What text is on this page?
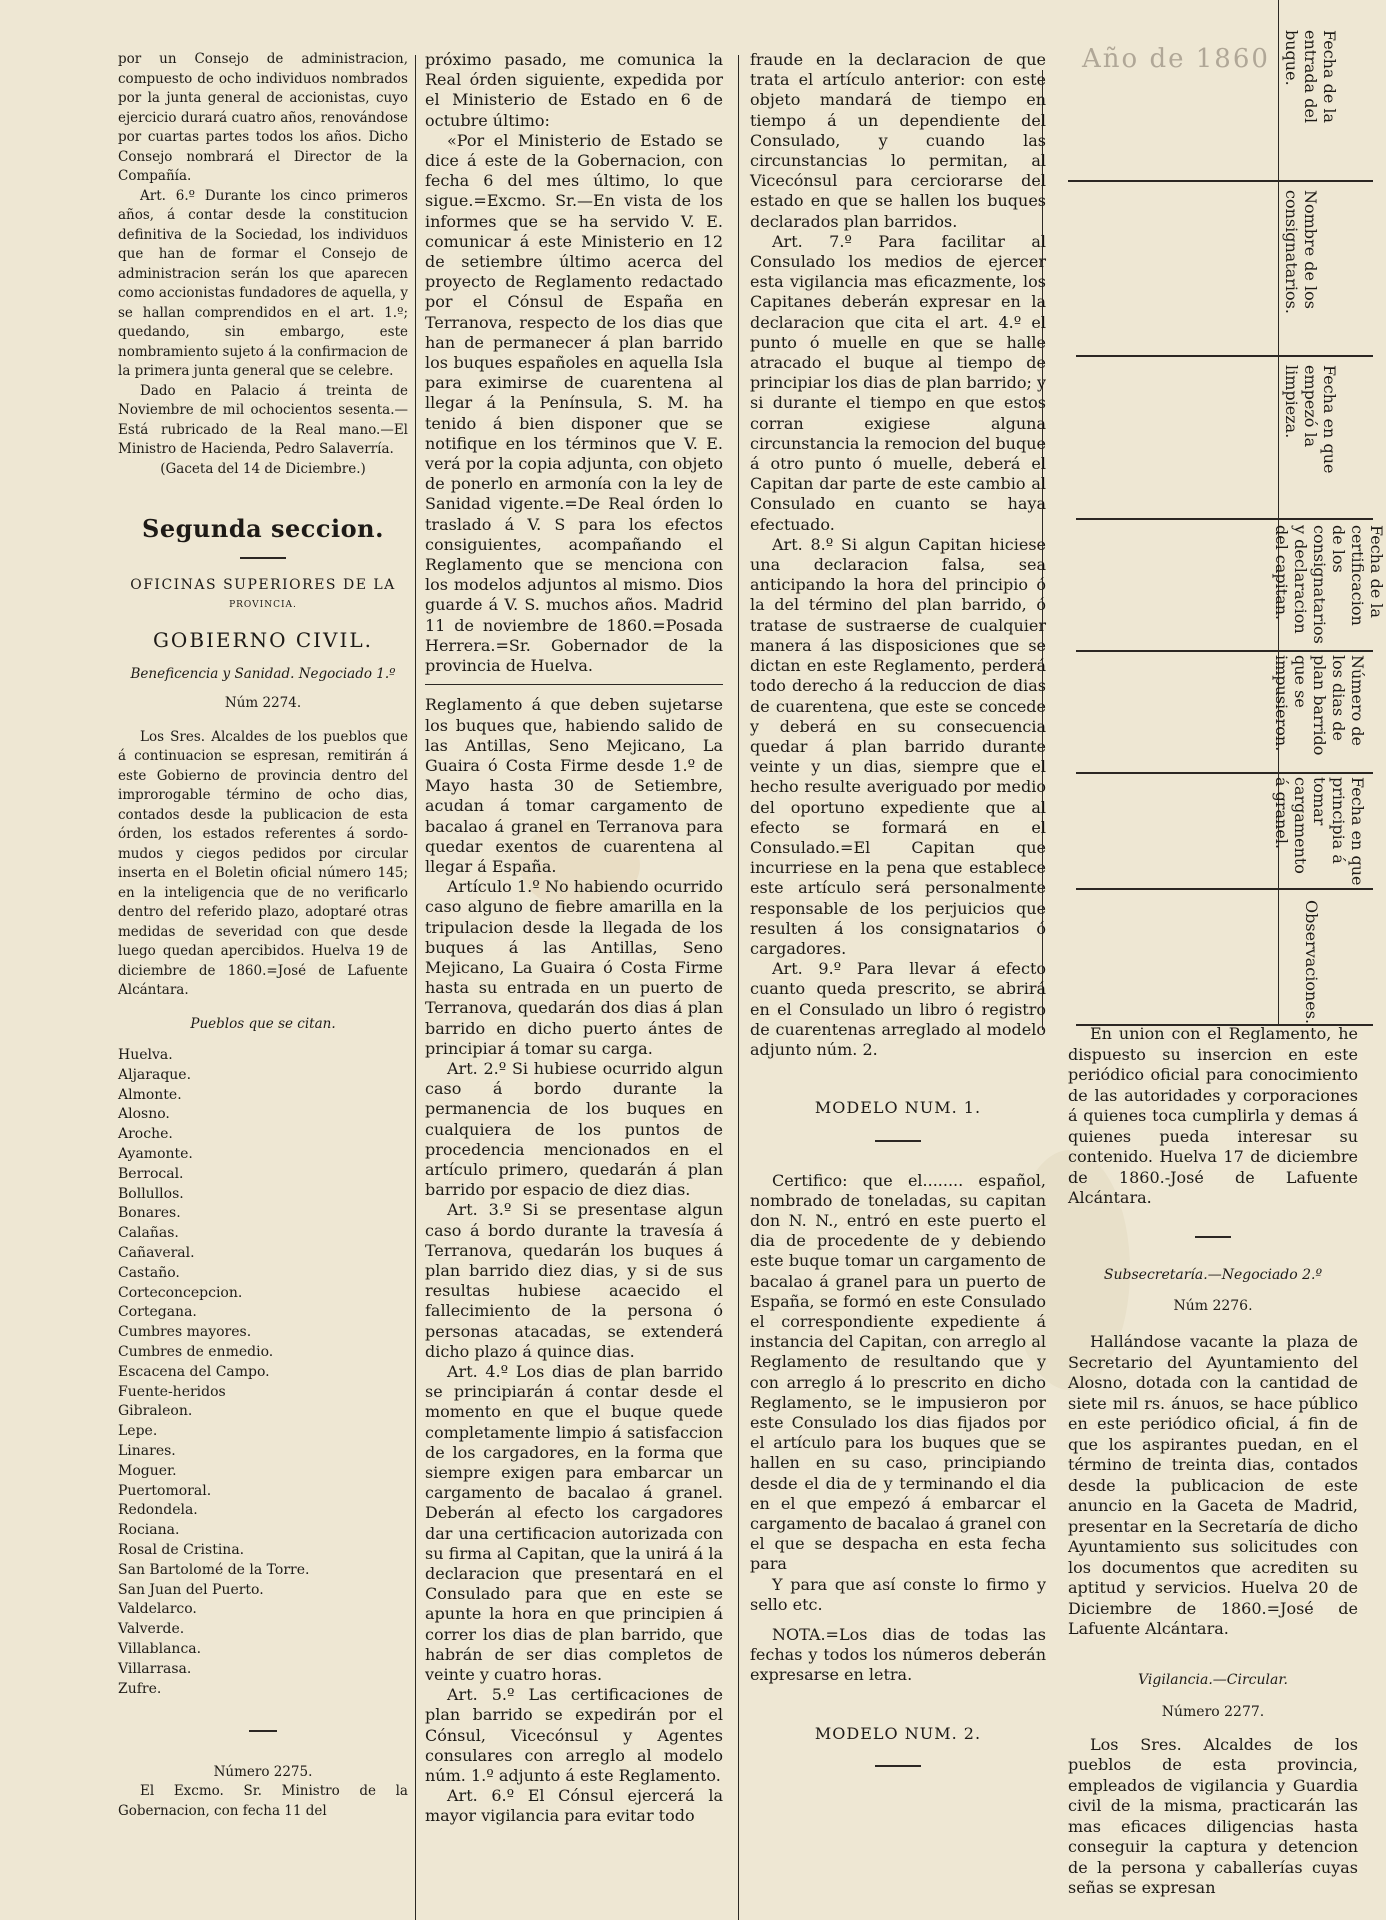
por un Consejo de administracion, compuesto de ocho individuos nombrados por la junta general de accionistas, cuyo ejercicio durará cuatro años, renovándose por cuartas partes todos los años. Dicho Consejo nombrará el Director de la Compañía.

Art. 6.º Durante los cinco primeros años, á contar desde la constitucion definitiva de la Sociedad, los individuos que han de formar el Consejo de administracion serán los que aparecen como accionistas fundadores de aquella, y se hallan comprendidos en el art. 1.º; quedando, sin embargo, este nombramiento sujeto á la confirmacion de la primera junta general que se celebre.

Dado en Palacio á treinta de Noviembre de mil ochocientos sesenta.—Está rubricado de la Real mano.—El Ministro de Hacienda, Pedro Salaverría.

(Gaceta del 14 de Diciembre.)

Segunda seccion.
OFICINAS SUPERIORES DE LA
PROVINCIA.
GOBIERNO CIVIL.

Beneficencia y Sanidad. Negociado 1.º

Núm 2274.

Los Sres. Alcaldes de los pueblos que á continuacion se espresan, remitirán á este Gobierno de provincia dentro del improrogable término de ocho dias, contados desde la publicacion de esta órden, los estados referentes á sordo-mudos y ciegos pedidos por circular inserta en el Boletin oficial número 145; en la inteligencia que de no verificarlo dentro del referido plazo, adoptaré otras medidas de severidad con que desde luego quedan apercibidos. Huelva 19 de diciembre de 1860.=José de Lafuente Alcántara.

Pueblos que se citan.

Huelva.

Aljaraque.

Almonte.

Alosno.

Aroche.

Ayamonte.

Berrocal.

Bollullos.

Bonares.

Calañas.

Cañaveral.

Castaño.

Corteconcepcion.

Cortegana.

Cumbres mayores.

Cumbres de enmedio.

Escacena del Campo.

Fuente-heridos

Gibraleon.

Lepe.

Linares.

Moguer.

Puertomoral.

Redondela.

Rociana.

Rosal de Cristina.

San Bartolomé de la Torre.

San Juan del Puerto.

Valdelarco.

Valverde.

Villablanca.

Villarrasa.

Zufre.

Número 2275.

El Excmo. Sr. Ministro de la Gobernacion, con fecha 11 del

próximo pasado, me comunica la Real órden siguiente, expedida por el Ministerio de Estado en 6 de octubre último:

«Por el Ministerio de Estado se dice á este de la Gobernacion, con fecha 6 del mes último, lo que sigue.=Excmo. Sr.—En vista de los informes que se ha servido V. E. comunicar á este Ministerio en 12 de setiembre último acerca del proyecto de Reglamento redactado por el Cónsul de España en Terranova, respecto de los dias que han de permanecer á plan barrido los buques españoles en aquella Isla para eximirse de cuarentena al llegar á la Península, S. M. ha tenido á bien disponer que se notifique en los términos que V. E. verá por la copia adjunta, con objeto de ponerlo en armonía con la ley de Sanidad vigente.=De Real órden lo traslado á V. S para los efectos consiguientes, acompañando el Reglamento que se menciona con los modelos adjuntos al mismo. Dios guarde á V. S. muchos años. Madrid 11 de noviembre de 1860.=Posada Herrera.=Sr. Gobernador de la provincia de Huelva.

Reglamento á que deben sujetarse los buques que, habiendo salido de las Antillas, Seno Mejicano, La Guaira ó Costa Firme desde 1.º de Mayo hasta 30 de Setiembre, acudan á tomar cargamento de bacalao á granel en Terranova para quedar exentos de cuarentena al llegar á España.

Artículo 1.º No habiendo ocurrido caso alguno de fiebre amarilla en la tripulacion desde la llegada de los buques á las Antillas, Seno Mejicano, La Guaira ó Costa Firme hasta su entrada en un puerto de Terranova, quedarán dos dias á plan barrido en dicho puerto ántes de principiar á tomar su carga.

Art. 2.º Si hubiese ocurrido algun caso á bordo durante la permanencia de los buques en cualquiera de los puntos de procedencia mencionados en el artículo primero, quedarán á plan barrido por espacio de diez dias.

Art. 3.º Si se presentase algun caso á bordo durante la travesía á Terranova, quedarán los buques á plan barrido diez dias, y si de sus resultas hubiese acaecido el fallecimiento de la persona ó personas atacadas, se extenderá dicho plazo á quince dias.

Art. 4.º Los dias de plan barrido se principiarán á contar desde el momento en que el buque quede completamente limpio á satisfaccion de los cargadores, en la forma que siempre exigen para embarcar un cargamento de bacalao á granel. Deberán al efecto los cargadores dar una certificacion autorizada con su firma al Capitan, que la unirá á la declaracion que presentará en el Consulado para que en este se apunte la hora en que principien á correr los dias de plan barrido, que habrán de ser dias completos de veinte y cuatro horas.

Art. 5.º Las certificaciones de plan barrido se expedirán por el Cónsul, Vicecónsul y Agentes consulares con arreglo al modelo núm. 1.º adjunto á este Reglamento.

Art. 6.º El Cónsul ejercerá la mayor vigilancia para evitar todo

fraude en la declaracion de que trata el artículo anterior: con este objeto mandará de tiempo en tiempo á un dependiente del Consulado, y cuando las circunstancias lo permitan, al Vicecónsul para cerciorarse del estado en que se hallen los buques declarados plan barridos.

Art. 7.º Para facilitar al Consulado los medios de ejercer esta vigilancia mas eficazmente, los Capitanes deberán expresar en la declaracion que cita el art. 4.º el punto ó muelle en que se halle atracado el buque al tiempo de principiar los dias de plan barrido; y si durante el tiempo en que estos corran exigiese alguna circunstancia la remocion del buque á otro punto ó muelle, deberá el Capitan dar parte de este cambio al Consulado en cuanto se haya efectuado.

Art. 8.º Si algun Capitan hiciese una declaracion falsa, sea anticipando la hora del principio ó la del término del plan barrido, ó tratase de sustraerse de cualquier manera á las disposiciones que se dictan en este Reglamento, perderá todo derecho á la reduccion de dias de cuarentena, que este se concede y deberá en su consecuencia quedar á plan barrido durante veinte y un dias, siempre que el hecho resulte averiguado por medio del oportuno expediente que al efecto se formará en el Consulado.=El Capitan que incurriese en la pena que establece este artículo será personalmente responsable de los perjuicios que resulten á los consignatarios ó cargadores.

Art. 9.º Para llevar á efecto cuanto queda prescrito, se abrirá en el Consulado un libro ó registro de cuarentenas arreglado al modelo adjunto núm. 2.

MODELO NUM. 1.

Certifico: que el........ español, nombrado de toneladas, su capitan don N. N., entró en este puerto el dia de procedente de y debiendo este buque tomar un cargamento de bacalao á granel para un puerto de España, se formó en este Consulado el correspondiente expediente á instancia del Capitan, con arreglo al Reglamento de resultando que y con arreglo á lo prescrito en dicho Reglamento, se le impusieron por este Consulado los dias fijados por el artículo para los buques que se hallen en su caso, principiando desde el dia de y terminando el dia en el que empezó á embarcar el cargamento de bacalao á granel con el que se despacha en esta fecha para

Y para que así conste lo firmo y sello etc.

NOTA.=Los dias de todas las fechas y todos los números deberán expresarse en letra.

MODELO NUM. 2.
Año de 1860	Fecha de la entrada del buque.
Nombre de los consignatarios.
Fecha en que empezó la limpieza.
Fecha de la certificacion de los consignatarios y declaracion del capitan.
Número de los dias de plan barrido que se impusieron.
Fecha en que principia á tomar cargamento á granel.
Observaciones.

En union con el Reglamento, he dispuesto su insercion en este periódico oficial para conocimiento de las autoridades y corporaciones á quienes toca cumplirla y demas á quienes pueda interesar su contenido. Huelva 17 de diciembre de 1860.-José de Lafuente Alcántara.

Subsecretaría.—Negociado 2.º

Núm 2276.

Hallándose vacante la plaza de Secretario del Ayuntamiento del Alosno, dotada con la cantidad de siete mil rs. ánuos, se hace público en este periódico oficial, á fin de que los aspirantes puedan, en el término de treinta dias, contados desde la publicacion de este anuncio en la Gaceta de Madrid, presentar en la Secretaría de dicho Ayuntamiento sus solicitudes con los documentos que acrediten su aptitud y servicios. Huelva 20 de Diciembre de 1860.=José de Lafuente Alcántara.

Vigilancia.—Circular.

Número 2277.

Los Sres. Alcaldes de los pueblos de esta provincia, empleados de vigilancia y Guardia civil de la misma, practicarán las mas eficaces diligencias hasta conseguir la captura y detencion de la persona y caballerías cuyas señas se expresan
